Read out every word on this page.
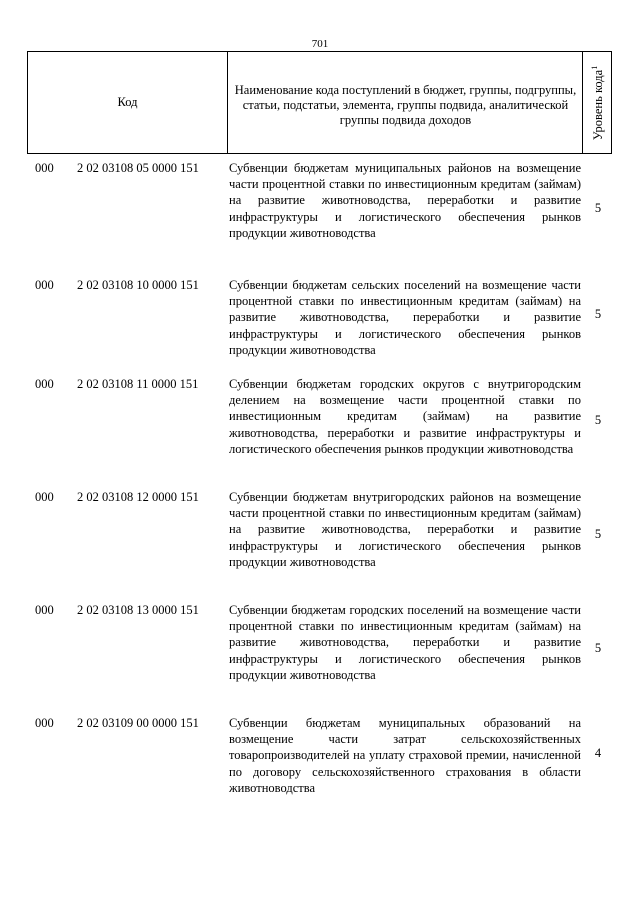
701
Код
Наименование кода поступлений в бюджет, группы, подгруппы, статьи, подстатьи, элемента, группы подвида, аналитической группы подвида доходов	Уровень кода$^1$
000 2 02 03108 05 0000 151 Субвенции бюджетам муниципальных районов на возмещение части процентной ставки по инвестиционным кредитам (займам) на развитие животноводства, переработки и развитие инфраструктуры и логистического обеспечения рынков продукции животноводства
5
000 2 02 03108 10 0000 151 Субвенции бюджетам сельских поселений на возмещение части процентной ставки по инвестиционным кредитам (займам) на развитие животноводства, переработки и развитие инфраструктуры и логистического обеспечения рынков продукции животноводства
5
000 2 02 03108 11 0000 151 Субвенции бюджетам городских округов с внутригородским делением на возмещение части процентной ставки по инвестиционным кредитам (займам) на развитие животноводства, переработки и развитие инфраструктуры и логистического обеспечения рынков продукции животноводства
5
000 2 02 03108 12 0000 151 Субвенции бюджетам внутригородских районов на возмещение части процентной ставки по инвестиционным кредитам (займам) на развитие животноводства, переработки и развитие инфраструктуры и логистического обеспечения рынков продукции животноводства
5
000 2 02 03108 13 0000 151 Субвенции бюджетам городских поселений на возмещение части процентной ставки по инвестиционным кредитам (займам) на развитие животноводства, переработки и развитие инфраструктуры и логистического обеспечения рынков продукции животноводства
5
000 2 02 03109 00 0000 151 Субвенции бюджетам муниципальных образований на возмещение части затрат сельскохозяйственных товаропроизводителей на уплату страховой премии, начисленной по договору сельскохозяйственного страхования в области животноводства
4
